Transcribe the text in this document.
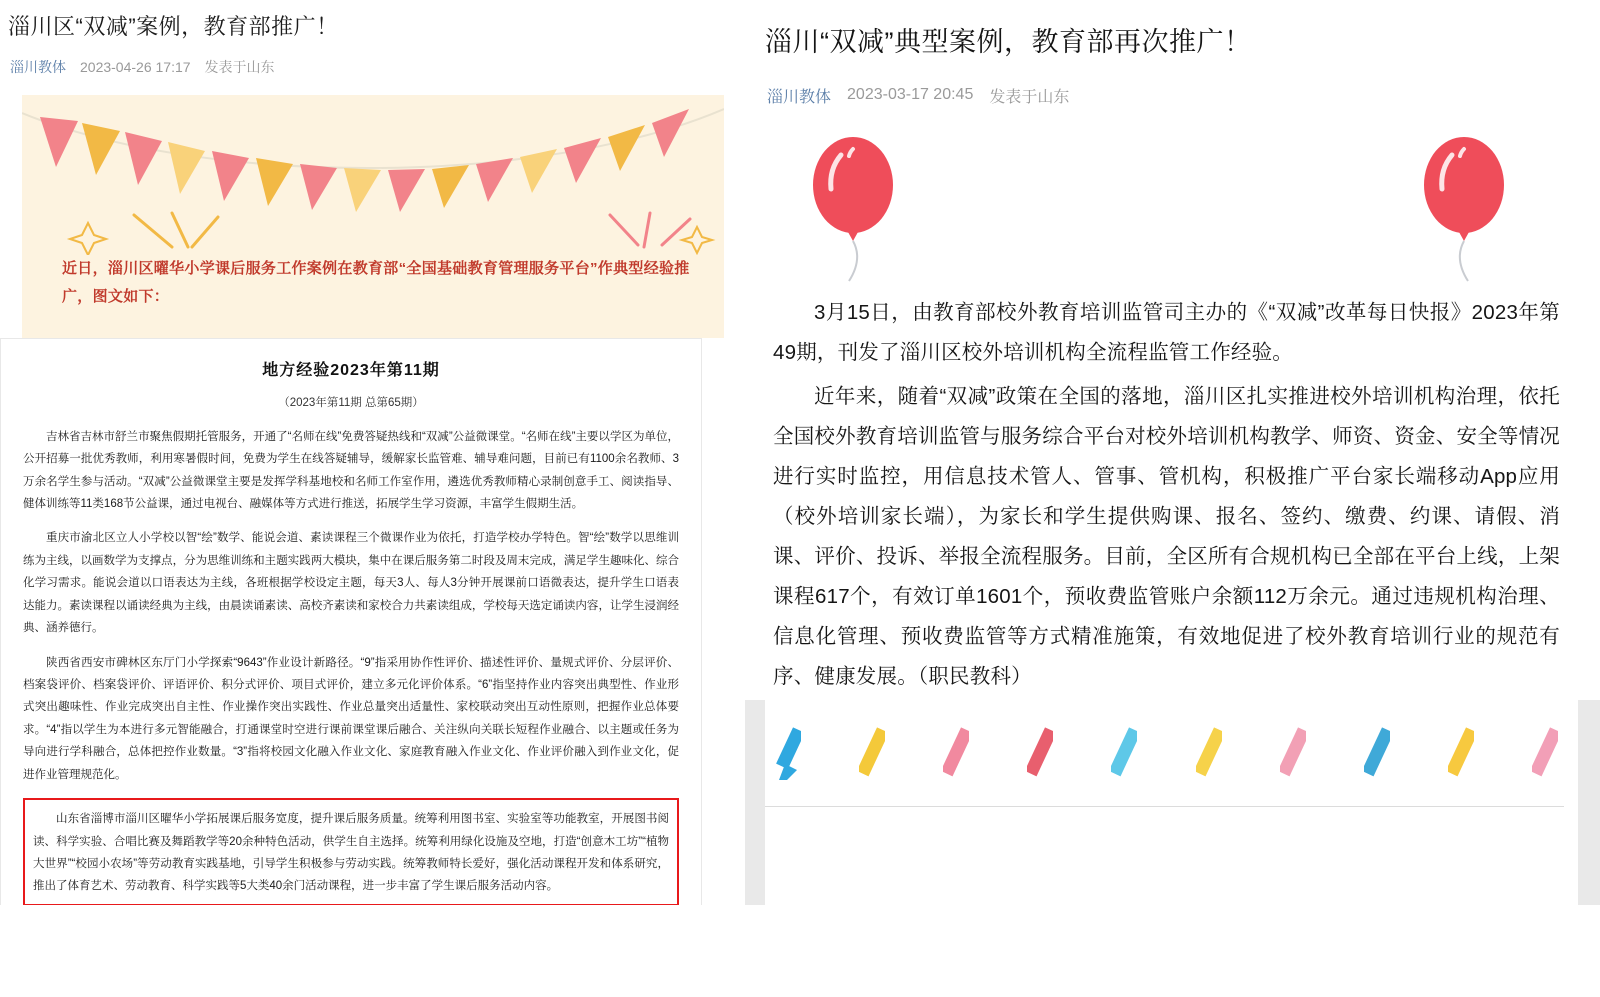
淄川区“双减”案例，教育部推广！
淄川教体 2023-04-26 17:17 发表于山东
近日，淄川区曜华小学课后服务工作案例在教育部“全国基础教育管理服务平台”作典型经验推广，图文如下：
地方经验2023年第11期
（2023年第11期 总第65期）

吉林省吉林市舒兰市聚焦假期托管服务，开通了“名师在线”免费答疑热线和“双减”公益微课堂。“名师在线”主要以学区为单位，公开招募一批优秀教师，利用寒暑假时间，免费为学生在线答疑辅导，缓解家长监管难、辅导难问题，目前已有1100余名教师、3万余名学生参与活动。“双减”公益微课堂主要是发挥学科基地校和名师工作室作用，遴选优秀教师精心录制创意手工、阅读指导、健体训练等11类168节公益课，通过电视台、融媒体等方式进行推送，拓展学生学习资源，丰富学生假期生活。

重庆市渝北区立人小学校以智“绘”数学、能说会道、素读课程三个微课作业为依托，打造学校办学特色。智“绘”数学以思维训练为主线，以画数学为支撑点，分为思维训练和主题实践两大模块，集中在课后服务第二时段及周末完成，满足学生趣味化、综合化学习需求。能说会道以口语表达为主线，各班根据学校设定主题，每天3人、每人3分钟开展课前口语微表达，提升学生口语表达能力。素读课程以诵读经典为主线，由晨读诵素读、高校齐素读和家校合力共素读组成，学校每天选定诵读内容，让学生浸润经典、涵养德行。

陕西省西安市碑林区东厅门小学探索“9643”作业设计新路径。“9”指采用协作性评价、描述性评价、量规式评价、分层评价、档案袋评价、档案袋评价、评语评价、积分式评价、项目式评价，建立多元化评价体系。“6”指坚持作业内容突出典型性、作业形式突出趣味性、作业完成突出自主性、作业操作突出实践性、作业总量突出适量性、家校联动突出互动性原则，把握作业总体要求。“4”指以学生为本进行多元智能融合，打通课堂时空进行课前课堂课后融合、关注纵向关联长短程作业融合、以主题或任务为导向进行学科融合，总体把控作业数量。“3”指将校园文化融入作业文化、家庭教育融入作业文化、作业评价融入到作业文化，促进作业管理规范化。

山东省淄博市淄川区曜华小学拓展课后服务宽度，提升课后服务质量。统筹利用图书室、实验室等功能教室，开展图书阅读、科学实验、合唱比赛及舞蹈教学等20余种特色活动，供学生自主选择。统筹利用绿化设施及空地，打造“创意木工坊”“植物大世界”“校园小农场”等劳动教育实践基地，引导学生积极参与劳动实践。统筹教师特长爱好，强化活动课程开发和体系研究，推出了体育艺术、劳动教育、科学实践等5大类40余门活动课程，进一步丰富了学生课后服务活动内容。

淄川“双减”典型案例，教育部再次推广！
淄川教体 2023-03-17 20:45 发表于山东

3月15日，由教育部校外教育培训监管司主办的《“双减”改革每日快报》2023年第49期，刊发了淄川区校外培训机构全流程监管工作经验。

近年来，随着“双减”政策在全国的落地，淄川区扎实推进校外培训机构治理，依托全国校外教育培训监管与服务综合平台对校外培训机构教学、师资、资金、安全等情况进行实时监控，用信息技术管人、管事、管机构，积极推广平台家长端移动App应用（校外培训家长端），为家长和学生提供购课、报名、签约、缴费、约课、请假、消课、评价、投诉、举报全流程服务。目前，全区所有合规机构已全部在平台上线，上架课程617个，有效订单1601个，预收费监管账户余额112万余元。通过违规机构治理、信息化管理、预收费监管等方式精准施策，有效地促进了校外教育培训行业的规范有序、健康发展。（职民教科）
